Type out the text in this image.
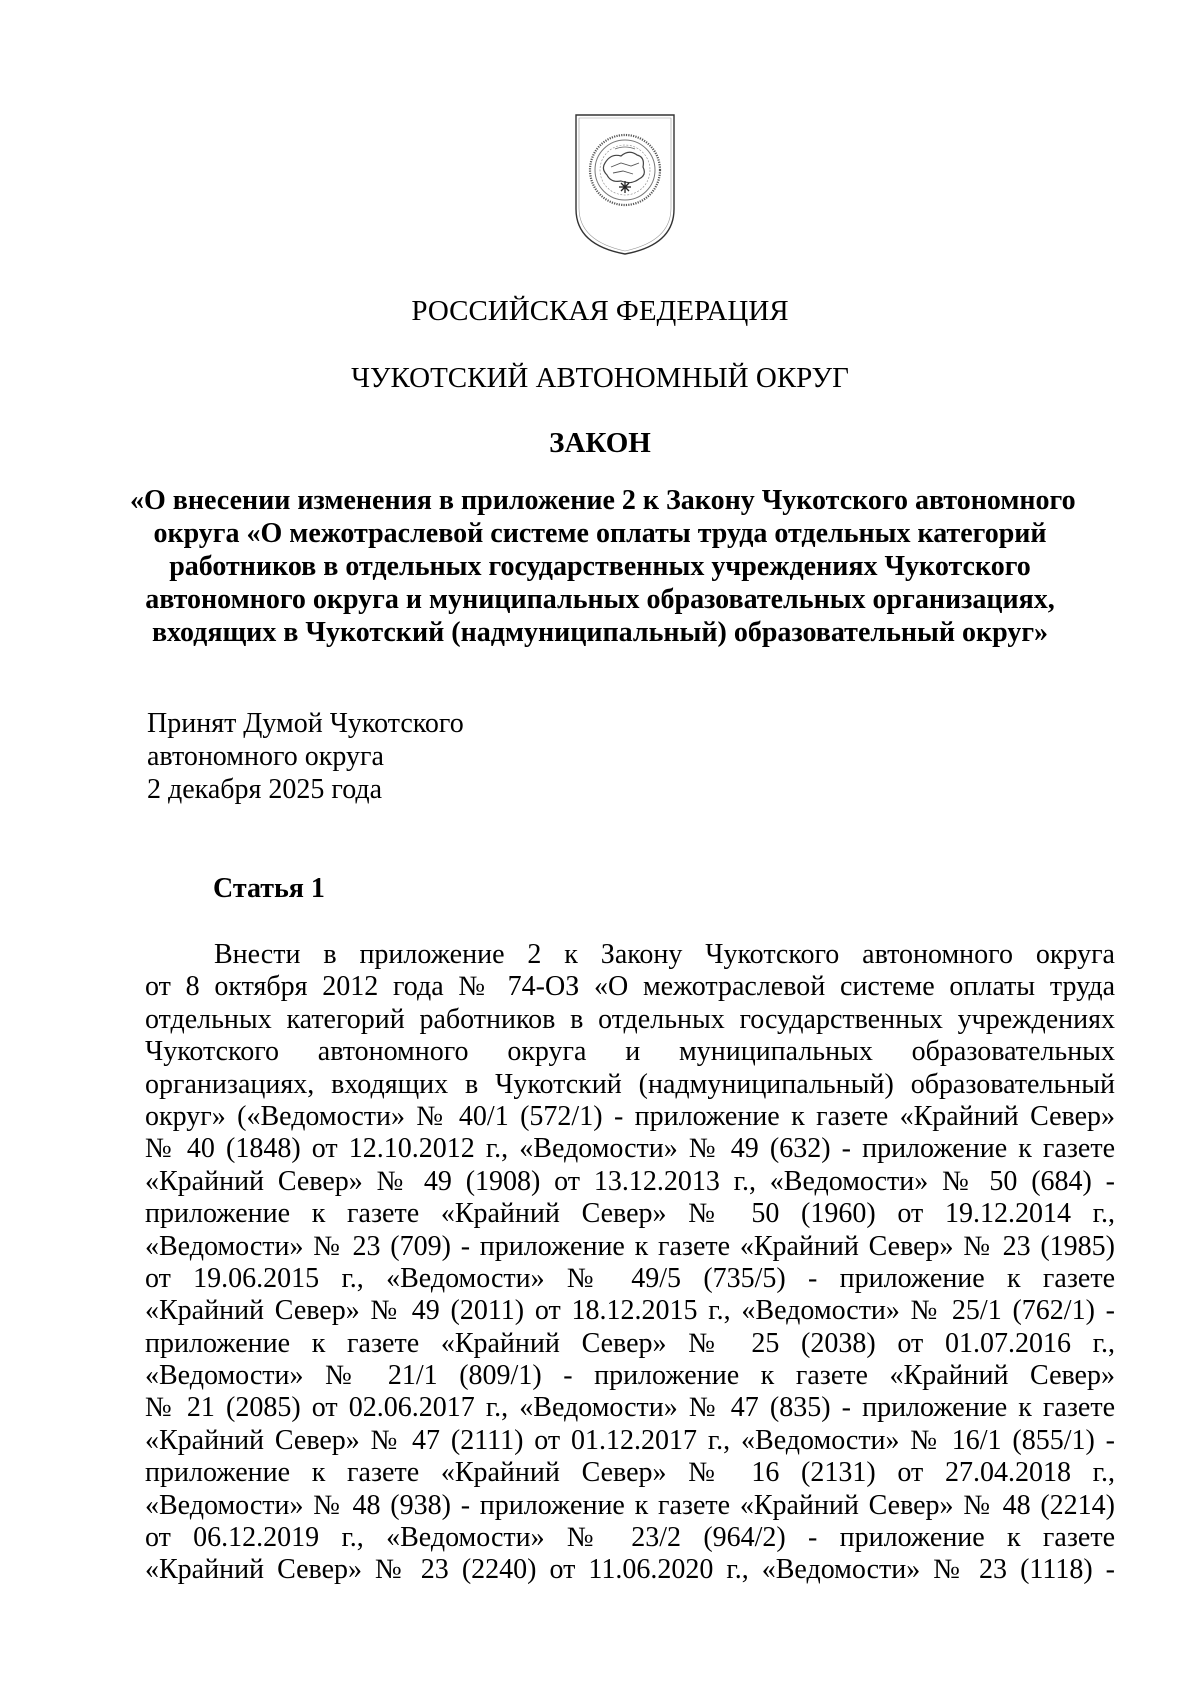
РОССИЙСКАЯ ФЕДЕРАЦИЯ
ЧУКОТСКИЙ АВТОНОМНЫЙ ОКРУГ
ЗАКОН
«О внесении изменения в приложение 2 к Закону Чукотского автономного
округа «О межотраслевой системе оплаты труда отдельных категорий
работников в отдельных государственных учреждениях Чукотского
автономного округа и муниципальных образовательных организациях,
входящих в Чукотский (надмуниципальный) образовательный округ»
Принят Думой Чукотского
автономного округа
2 декабря 2025 года
Статья 1
Внести в приложение 2 к Закону Чукотского автономного округа
от 8 октября 2012 года № 74-ОЗ «О межотраслевой системе оплаты труда
отдельных категорий работников в отдельных государственных учреждениях
Чукотского автономного округа и муниципальных образовательных
организациях, входящих в Чукотский (надмуниципальный) образовательный
округ» («Ведомости» № 40/1 (572/1) - приложение к газете «Крайний Север»
№ 40 (1848) от 12.10.2012 г., «Ведомости» № 49 (632) - приложение к газете
«Крайний Север» № 49 (1908) от 13.12.2013 г., «Ведомости» № 50 (684) -
приложение к газете «Крайний Север» № 50 (1960) от 19.12.2014 г.,
«Ведомости» № 23 (709) - приложение к газете «Крайний Север» № 23 (1985)
от 19.06.2015 г., «Ведомости» № 49/5 (735/5) - приложение к газете
«Крайний Север» № 49 (2011) от 18.12.2015 г., «Ведомости» № 25/1 (762/1) -
приложение к газете «Крайний Север» № 25 (2038) от 01.07.2016 г.,
«Ведомости» № 21/1 (809/1) - приложение к газете «Крайний Север»
№ 21 (2085) от 02.06.2017 г., «Ведомости» № 47 (835) - приложение к газете
«Крайний Север» № 47 (2111) от 01.12.2017 г., «Ведомости» № 16/1 (855/1) -
приложение к газете «Крайний Север» № 16 (2131) от 27.04.2018 г.,
«Ведомости» № 48 (938) - приложение к газете «Крайний Север» № 48 (2214)
от 06.12.2019 г., «Ведомости» № 23/2 (964/2) - приложение к газете
«Крайний Север» № 23 (2240) от 11.06.2020 г., «Ведомости» № 23 (1118) -
